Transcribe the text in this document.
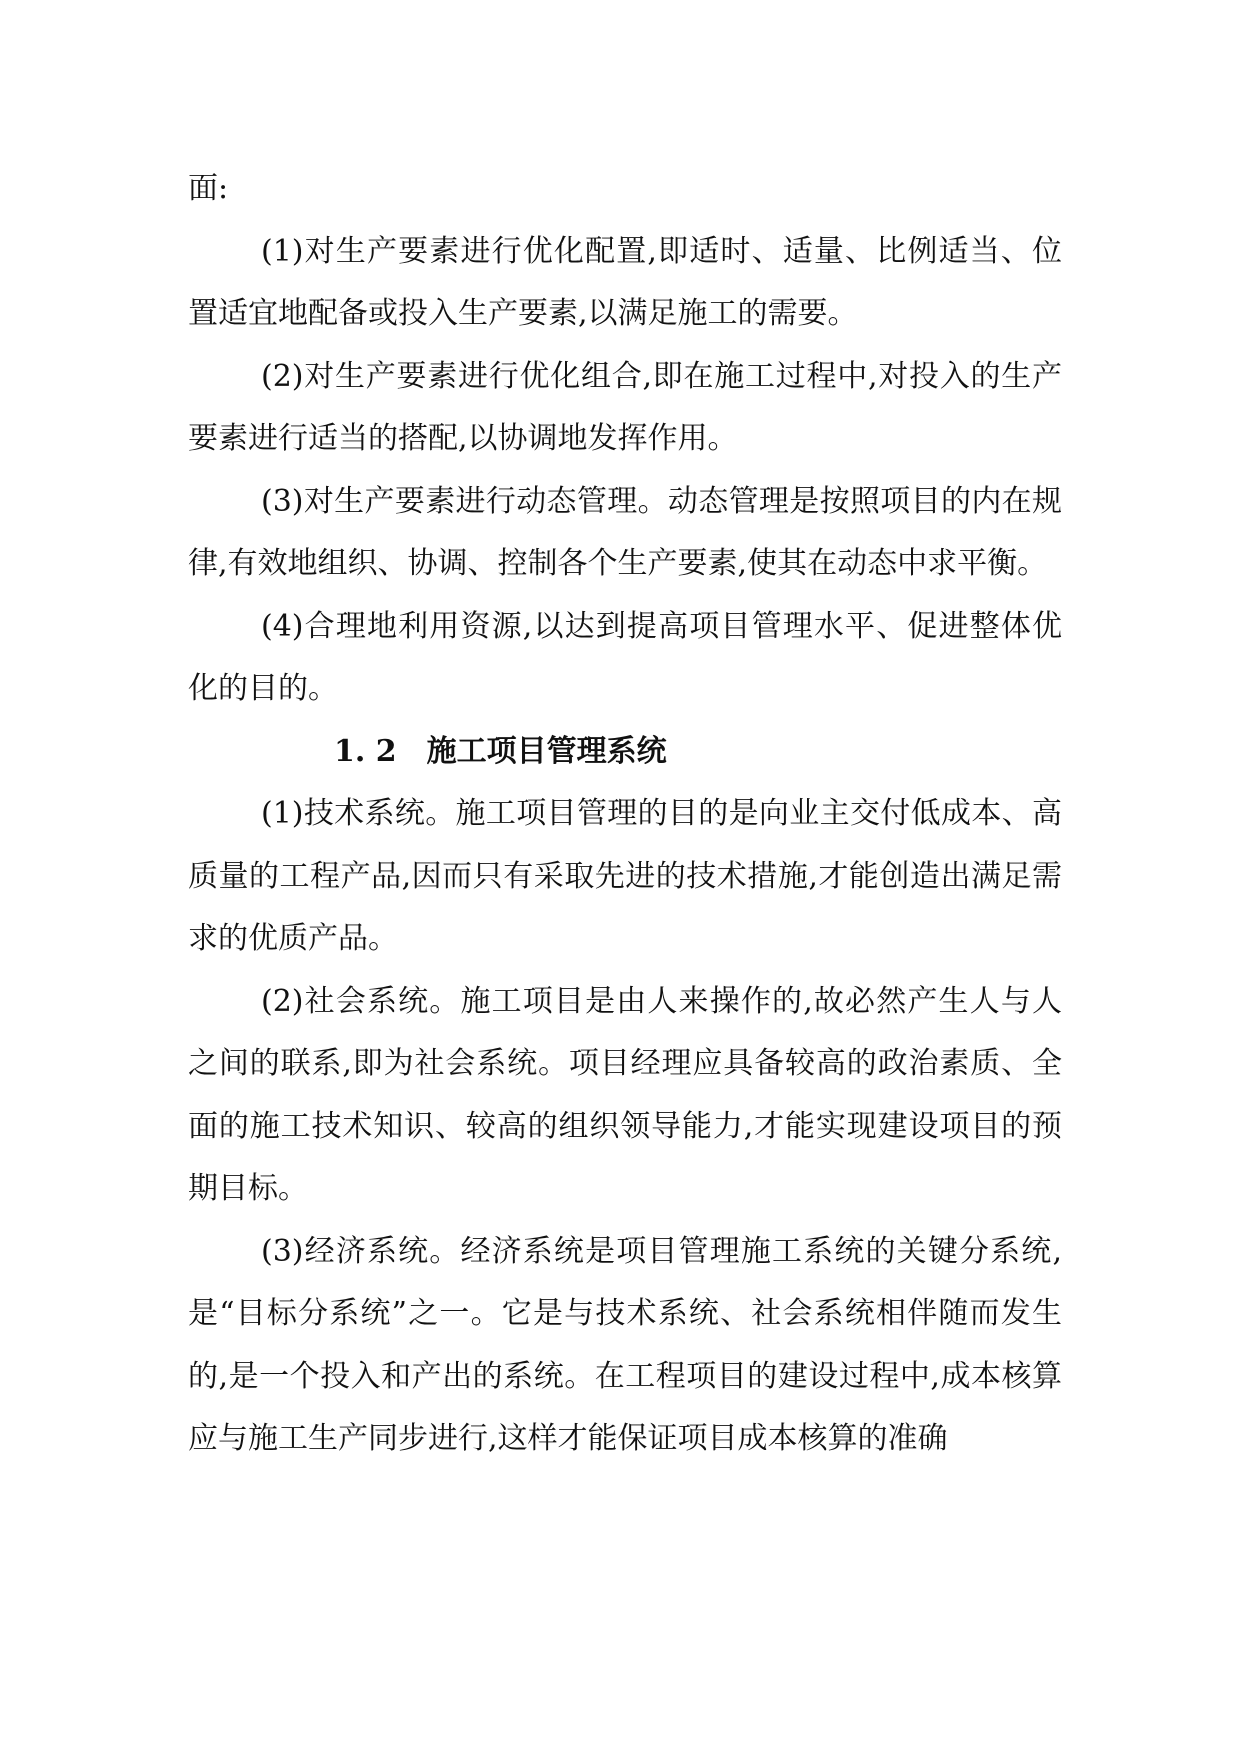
面:

(1)对生产要素进行优化配置,即适时、适量、比例适当、位置适宜地配备或投入生产要素,以满足施工的需要。

(2)对生产要素进行优化组合,即在施工过程中,对投入的生产要素进行适当的搭配,以协调地发挥作用。

(3)对生产要素进行动态管理。动态管理是按照项目的内在规律,有效地组织、协调、控制各个生产要素,使其在动态中求平衡。

(4)合理地利用资源,以达到提高项目管理水平、促进整体优化的目的。

1. 2 施工项目管理系统

(1)技术系统。施工项目管理的目的是向业主交付低成本、高质量的工程产品,因而只有采取先进的技术措施,才能创造出满足需求的优质产品。

(2)社会系统。施工项目是由人来操作的,故必然产生人与人之间的联系,即为社会系统。项目经理应具备较高的政治素质、全面的施工技术知识、较高的组织领导能力,才能实现建设项目的预期目标。

(3)经济系统。经济系统是项目管理施工系统的关键分系统,是“目标分系统”之一。它是与技术系统、社会系统相伴随而发生的,是一个投入和产出的系统。在工程项目的建设过程中,成本核算应与施工生产同步进行,这样才能保证项目成本核算的准确
